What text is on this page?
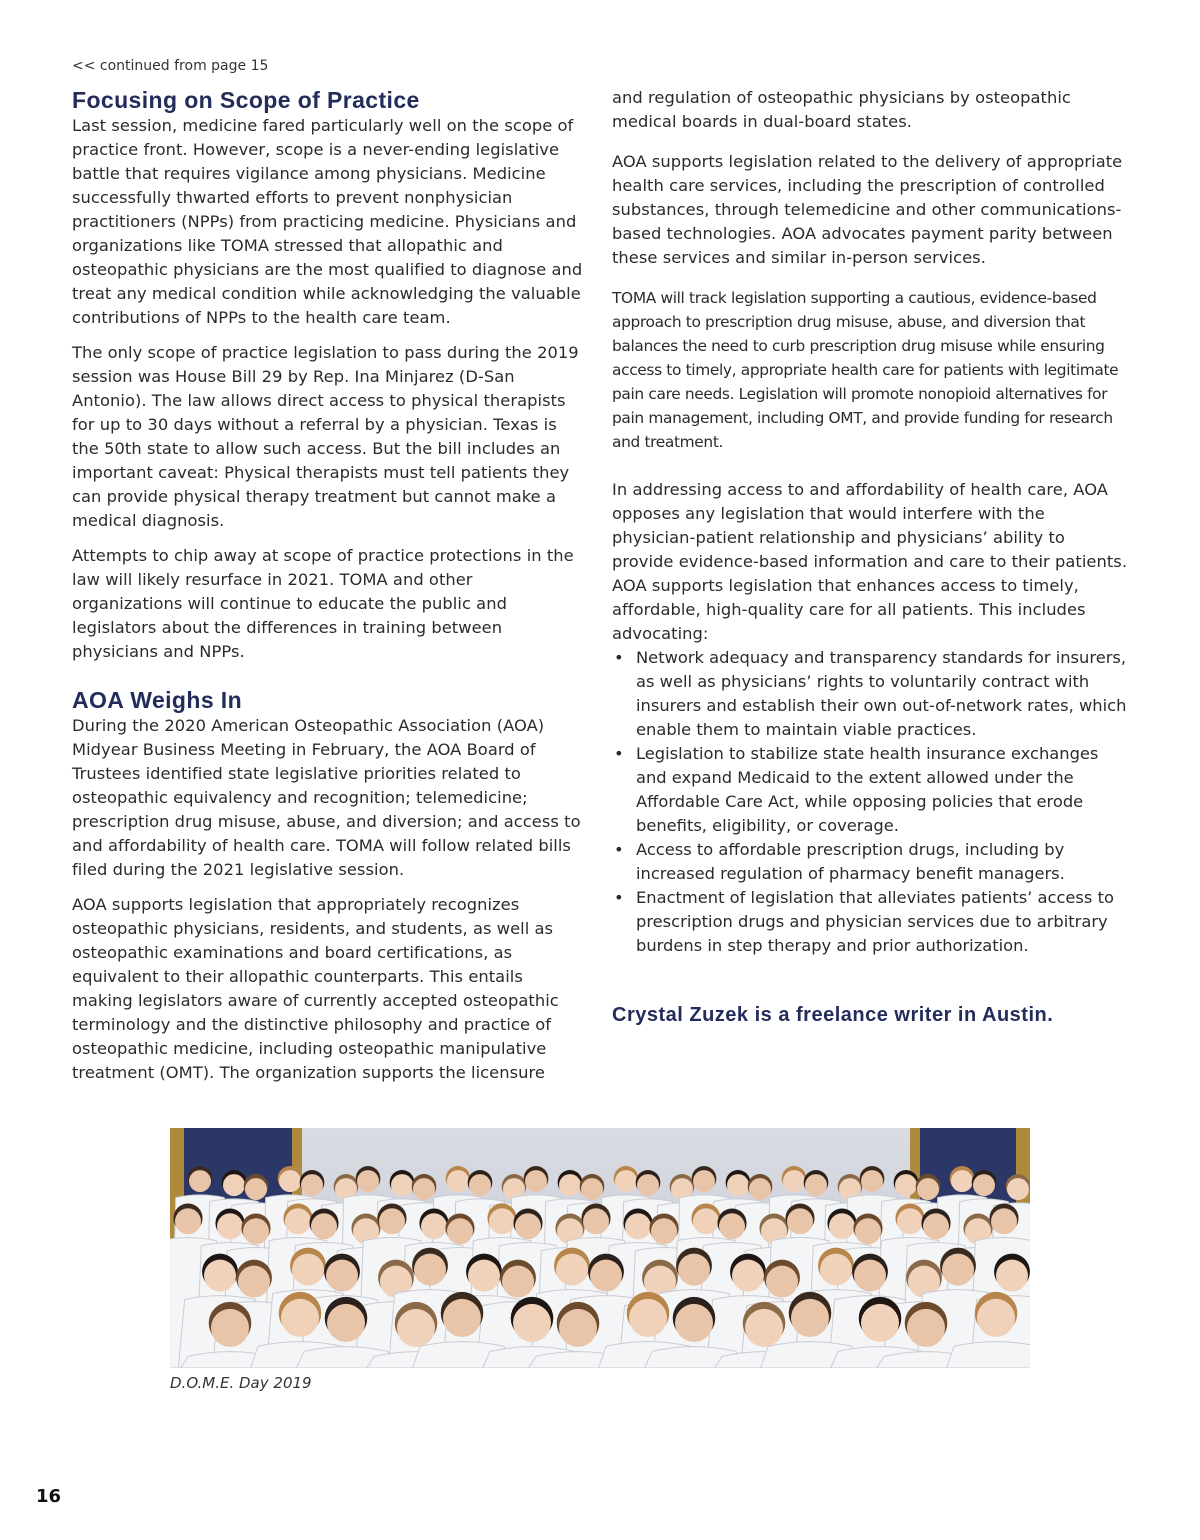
<< continued from page 15
Focusing on Scope of Practice

Last session, medicine fared particularly well on the scope of practice front. However, scope is a never-ending legislative battle that requires vigilance among physicians. Medicine successfully thwarted efforts to prevent nonphysician practitioners (NPPs) from practicing medicine. Physicians and organizations like TOMA stressed that allopathic and osteopathic physicians are the most qualified to diagnose and treat any medical condition while acknowledging the valuable contributions of NPPs to the health care team.

The only scope of practice legislation to pass during the 2019 session was House Bill 29 by Rep. Ina Minjarez (D-San Antonio). The law allows direct access to physical therapists for up to 30 days without a referral by a physician. Texas is the 50th state to allow such access. But the bill includes an important caveat: Physical therapists must tell patients they can provide physical therapy treatment but cannot make a medical diagnosis.

Attempts to chip away at scope of practice protections in the law will likely resurface in 2021. TOMA and other organizations will continue to educate the public and legislators about the differences in training between physicians and NPPs.

AOA Weighs In

During the 2020 American Osteopathic Association (AOA) Midyear Business Meeting in February, the AOA Board of Trustees identified state legislative priorities related to osteopathic equivalency and recognition; telemedicine; prescription drug misuse, abuse, and diversion; and access to and affordability of health care. TOMA will follow related bills filed during the 2021 legislative session.

AOA supports legislation that appropriately recognizes osteopathic physicians, residents, and students, as well as osteopathic examinations and board certifications, as equivalent to their allopathic counterparts. This entails making legislators aware of currently accepted osteopathic terminology and the distinctive philosophy and practice of osteopathic medicine, including osteopathic manipulative treatment (OMT). The organization supports the licensure

and regulation of osteopathic physicians by osteopathic medical boards in dual-board states.

AOA supports legislation related to the delivery of appropriate health care services, including the prescription of controlled substances, through telemedicine and other communications-based technologies. AOA advocates payment parity between these services and similar in-person services.

TOMA will track legislation supporting a cautious, evidence-based approach to prescription drug misuse, abuse, and diversion that balances the need to curb prescription drug misuse while ensuring access to timely, appropriate health care for patients with legitimate pain care needs. Legislation will promote nonopioid alternatives for pain management, including OMT, and provide funding for research and treatment.

In addressing access to and affordability of health care, AOA opposes any legislation that would interfere with the physician-patient relationship and physicians’ ability to provide evidence-based information and care to their patients. AOA supports legislation that enhances access to timely, affordable, high-quality care for all patients. This includes advocating:

• Network adequacy and transparency standards for insurers, as well as physicians’ rights to voluntarily contract with insurers and establish their own out-of-network rates, which enable them to maintain viable practices.
• Legislation to stabilize state health insurance exchanges and expand Medicaid to the extent allowed under the Affordable Care Act, while opposing policies that erode benefits, eligibility, or coverage.
• Access to affordable prescription drugs, including by increased regulation of pharmacy benefit managers.
• Enactment of legislation that alleviates patients’ access to prescription drugs and physician services due to arbitrary burdens in step therapy and prior authorization.
Crystal Zuzek is a freelance writer in Austin.
D.O.M.E. Day 2019
16
